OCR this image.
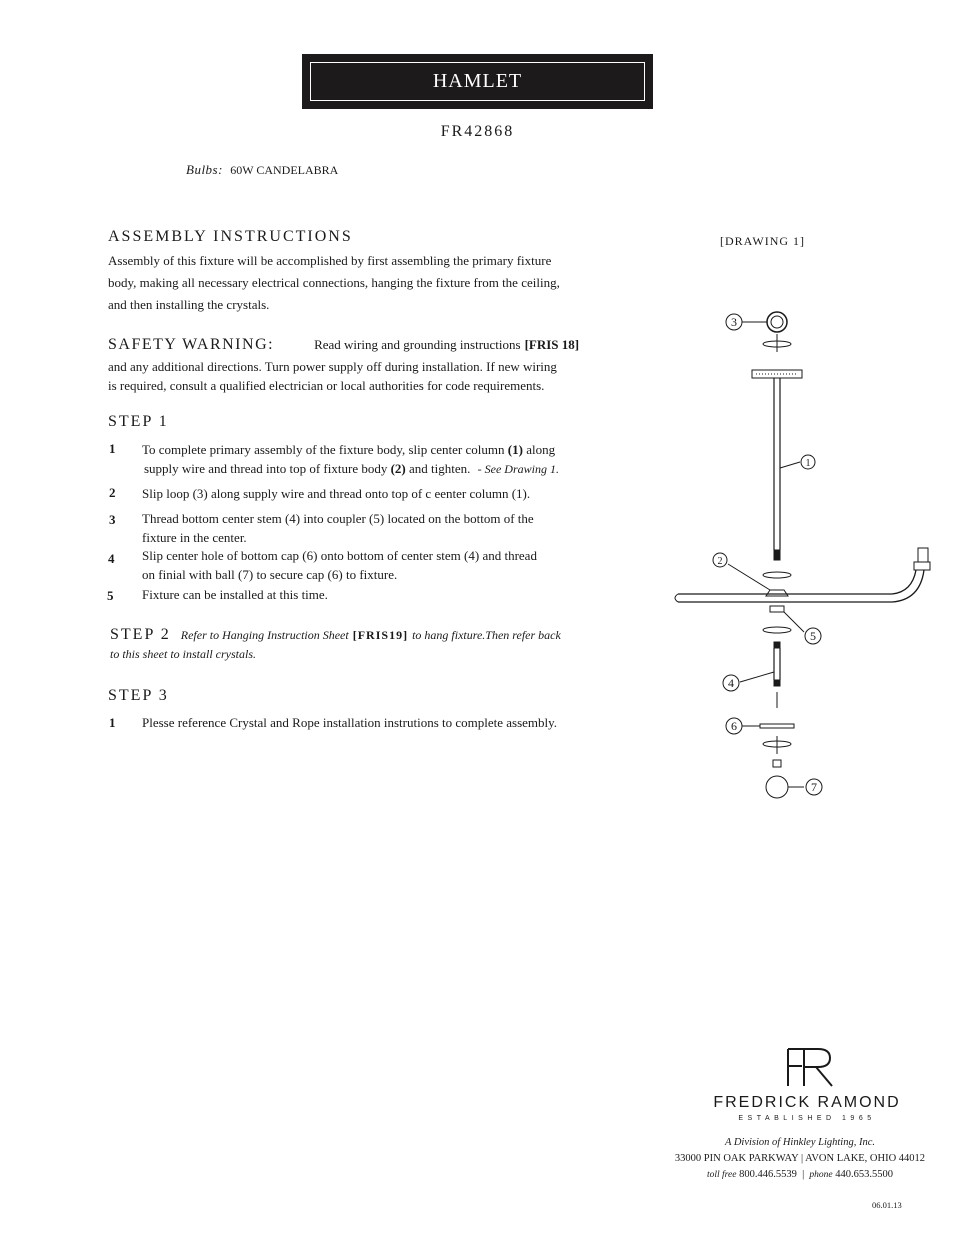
HAMLET
FR42868
Bulbs: 60W CANDELABRA
ASSEMBLY INSTRUCTIONS
Assembly of this fixture will be accomplished by first assembling the primary fixture
body, making all necessary electrical connections, hanging the fixture from the ceiling,
and then installing the crystals.
SAFETY WARNING:	Read wiring and grounding instructions [FRIS 18]
and any additional directions. Turn power supply off during installation. If new wiring
is required, consult a qualified electrician or local authorities for code requirements.
STEP 1
1 To complete primary assembly of the fixture body, slip center column (1) along
supply wire and thread into top of fixture body (2) and tighten. - See Drawing 1.
2 Slip loop (3) along supply wire and thread onto top of c eenter column (1).
3 Thread bottom center stem (4) into coupler (5) located on the bottom of the
fixture in the center.
4 Slip center hole of bottom cap (6) onto bottom of center stem (4) and thread
on finial with ball (7) to secure cap (6) to fixture.
5 Fixture can be installed at this time.
STEP 2 Refer to Hanging Instruction Sheet [FRIS19] to hang fixture.Then refer back
to this sheet to install crystals.
STEP 3
1 Plesse reference Crystal and Rope installation instrutions to complete assembly.
[DRAWING 1]
3
1
2
5
4
6
7
FREDRICK RAMOND
ESTABLISHED 1965
A Division of Hinkley Lighting, Inc.
33000 PIN OAK PARKWAY | AVON LAKE, OHIO 44012
toll free 800.446.5539  |  phone 440.653.5500
06.01.13
